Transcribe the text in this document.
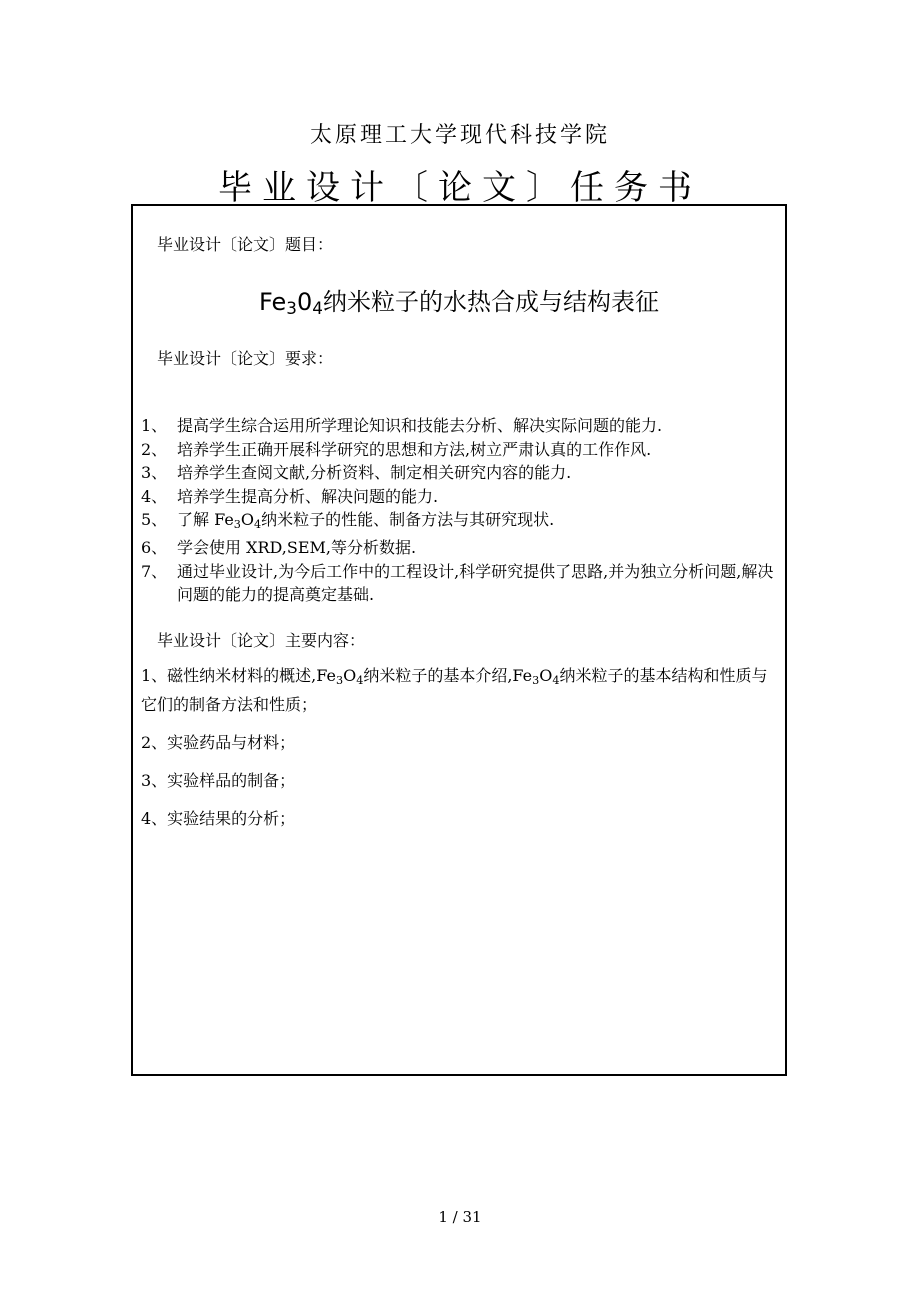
太原理工大学现代科技学院
毕业设计〔论文〕任务书
毕业设计〔论文〕题目：
$Fe_30_4$纳米粒子的水热合成与结构表征
毕业设计〔论文〕要求：
1、 提高学生综合运用所学理论知识和技能去分析、解决实际问题的能力.
2、 培养学生正确开展科学研究的思想和方法,树立严肃认真的工作作风.
3、 培养学生查阅文献,分析资料、制定相关研究内容的能力.
4、 培养学生提高分析、解决问题的能力.
5、 了解 $Fe_3O_4$纳米粒子的性能、制备方法与其研究现状.
6、 学会使用 XRD,SEM,等分析数据.
7、 通过毕业设计,为今后工作中的工程设计,科学研究提供了思路,并为独立分析问题,解决问题的能力的提高奠定基础.
毕业设计〔论文〕主要内容：

1、磁性纳米材料的概述$,Fe_3O_4$纳米粒子的基本介绍$,Fe_3O_4$纳米粒子的基本结构和性质与它们的制备方法和性质；

2、实验药品与材料；

3、实验样品的制备；

4、实验结果的分析；

1 / 31
